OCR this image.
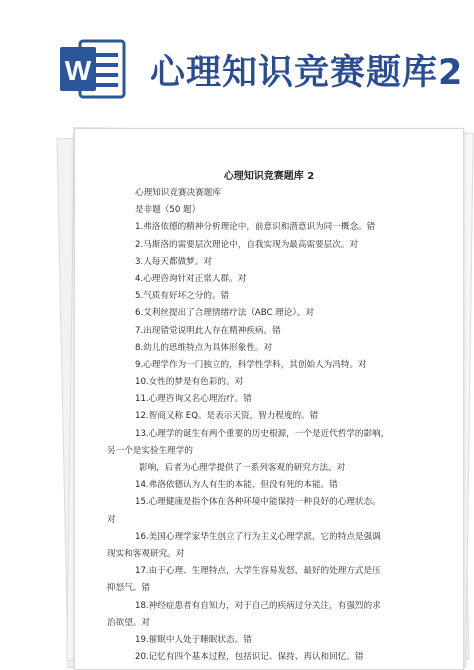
W 心理知识竞赛题库2
心理知识竞赛题库 2
心理知识竞赛决赛题库
是非题（50 题）
1.弗洛依德的精神分析理论中，前意识和潜意识为同一概念。错
2.马斯洛的需要层次理论中，自我实现为最高需要层次。对
3.人每天都做梦。对
4.心理咨询针对正常人群。对
5.气质有好坏之分的。错
6.艾利丝提出了合理情绪疗法（ABC 理论）。对
7.出现错觉说明此人存在精神疾病。错
8.幼儿的思维特点为具体形象性。对
9.心理学作为一门独立的，科学性学科，其创始人为冯特。对
10.女性的梦是有色彩的。对
11.心理咨询又名心理治疗。错
12.智商又称 EQ。是表示天资，智力程度的。错
13.心理学的诞生有两个重要的历史根源，一个是近代哲学的影响，
另一个是实验生理学的
影响，后者为心理学提供了一系列客观的研究方法。对
14.弗洛依德认为人有生的本能，但没有死的本能。错
15.心理健康是指个体在各种环境中能保持一种良好的心理状态。
对
16.美国心理学家华生创立了行为主义心理学派，它的特点是强调
现实和客观研究。对
17.由于心理、生理特点，大学生容易发怒，最好的处理方式是压
抑怒气。错
18.神经症患者有自知力，对于自己的疾病过分关注，有强烈的求
治欲望。对
19.催眠中人处于睡眠状态。错
20.记忆有四个基本过程，包括识记、保持、再认和回忆。错
